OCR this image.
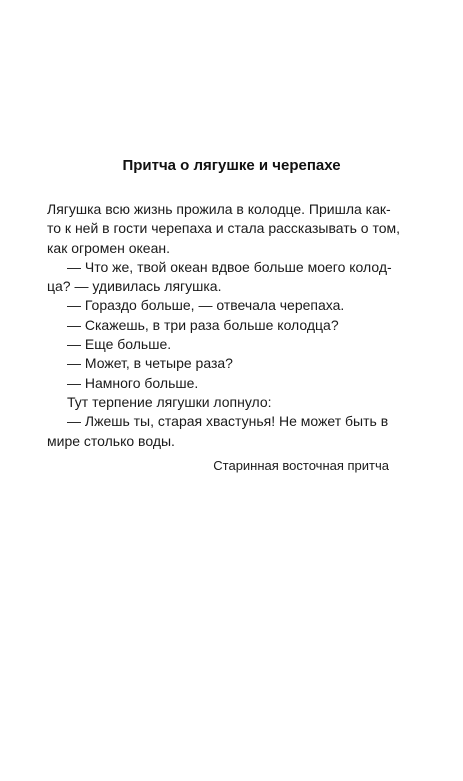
Притча о лягушке и черепахе
Лягушка всю жизнь прожила в колодце. Пришла как-
то к ней в гости черепаха и стала рассказывать о том,
как огромен океан.
— Что же, твой океан вдвое больше моего колод-
ца? — удивилась лягушка.
— Гораздо больше, — отвечала черепаха.
— Скажешь, в три раза больше колодца?
— Еще больше.
— Может, в четыре раза?
— Намного больше.
Тут терпение лягушки лопнуло:
— Лжешь ты, старая хвастунья! Не может быть в
мире столько воды.
Старинная восточная притча
